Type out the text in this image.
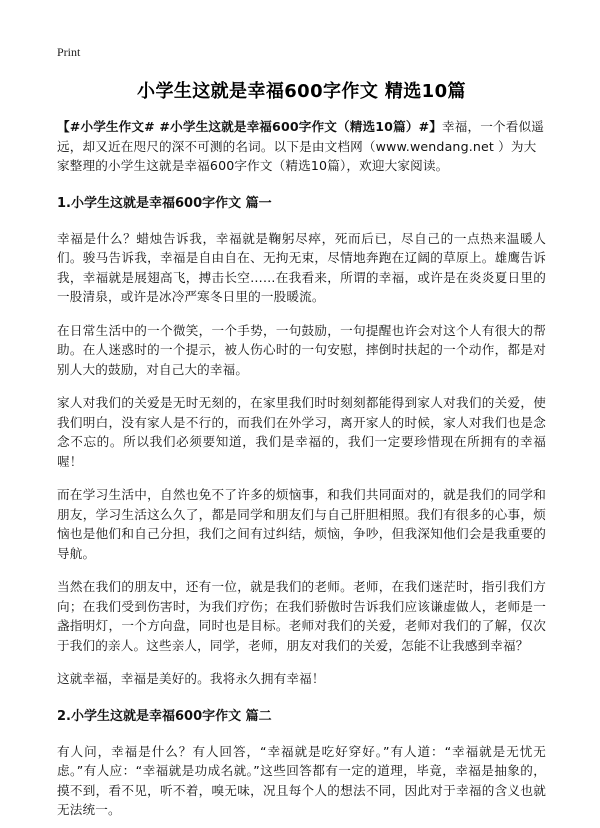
Print
小学生这就是幸福600字作文 精选10篇

【#小学生作文# #小学生这就是幸福600字作文（精选10篇）#】幸福，一个看似遥远，却又近在咫尺的深不可测的名词。以下是由文档网（www.wendang.net ）为大家整理的小学生这就是幸福600字作文（精选10篇），欢迎大家阅读。

1.小学生这就是幸福600字作文 篇一

幸福是什么？蜡烛告诉我，幸福就是鞠躬尽瘁，死而后已，尽自己的一点热来温暖人们。骏马告诉我，幸福是自由自在、无拘无束，尽情地奔跑在辽阔的草原上。雄鹰告诉我，幸福就是展翅高飞，搏击长空……在我看来，所谓的幸福，或许是在炎炎夏日里的一股清泉，或许是冰冷严寒冬日里的一股暖流。

在日常生活中的一个微笑，一个手势，一句鼓励，一句提醒也许会对这个人有很大的帮助。在人迷惑时的一个提示，被人伤心时的一句安慰，摔倒时扶起的一个动作，都是对别人大的鼓励，对自己大的幸福。

家人对我们的关爱是无时无刻的，在家里我们时时刻刻都能得到家人对我们的关爱，使我们明白，没有家人是不行的，而我们在外学习，离开家人的时候，家人对我们也是念念不忘的。所以我们必须要知道，我们是幸福的，我们一定要珍惜现在所拥有的幸福喔！

而在学习生活中，自然也免不了许多的烦恼事，和我们共同面对的，就是我们的同学和朋友，学习生活这么久了，都是同学和朋友们与自己肝胆相照。我们有很多的心事，烦恼也是他们和自己分担，我们之间有过纠结，烦恼，争吵，但我深知他们会是我重要的导航。

当然在我们的朋友中，还有一位，就是我们的老师。老师，在我们迷茫时，指引我们方向；在我们受到伤害时，为我们疗伤；在我们骄傲时告诉我们应该谦虚做人，老师是一盏指明灯，一个方向盘，同时也是目标。老师对我们的关爱，老师对我们的了解，仅次于我们的亲人。这些亲人，同学，老师，朋友对我们的关爱，怎能不让我感到幸福？

这就幸福，幸福是美好的。我将永久拥有幸福！

2.小学生这就是幸福600字作文 篇二

有人问，幸福是什么？有人回答，“幸福就是吃好穿好。”有人道：“幸福就是无忧无虑。”有人应：“幸福就是功成名就。”这些回答都有一定的道理，毕竟，幸福是抽象的，摸不到，看不见，听不着，嗅无味，况且每个人的想法不同，因此对于幸福的含义也就无法统一。
